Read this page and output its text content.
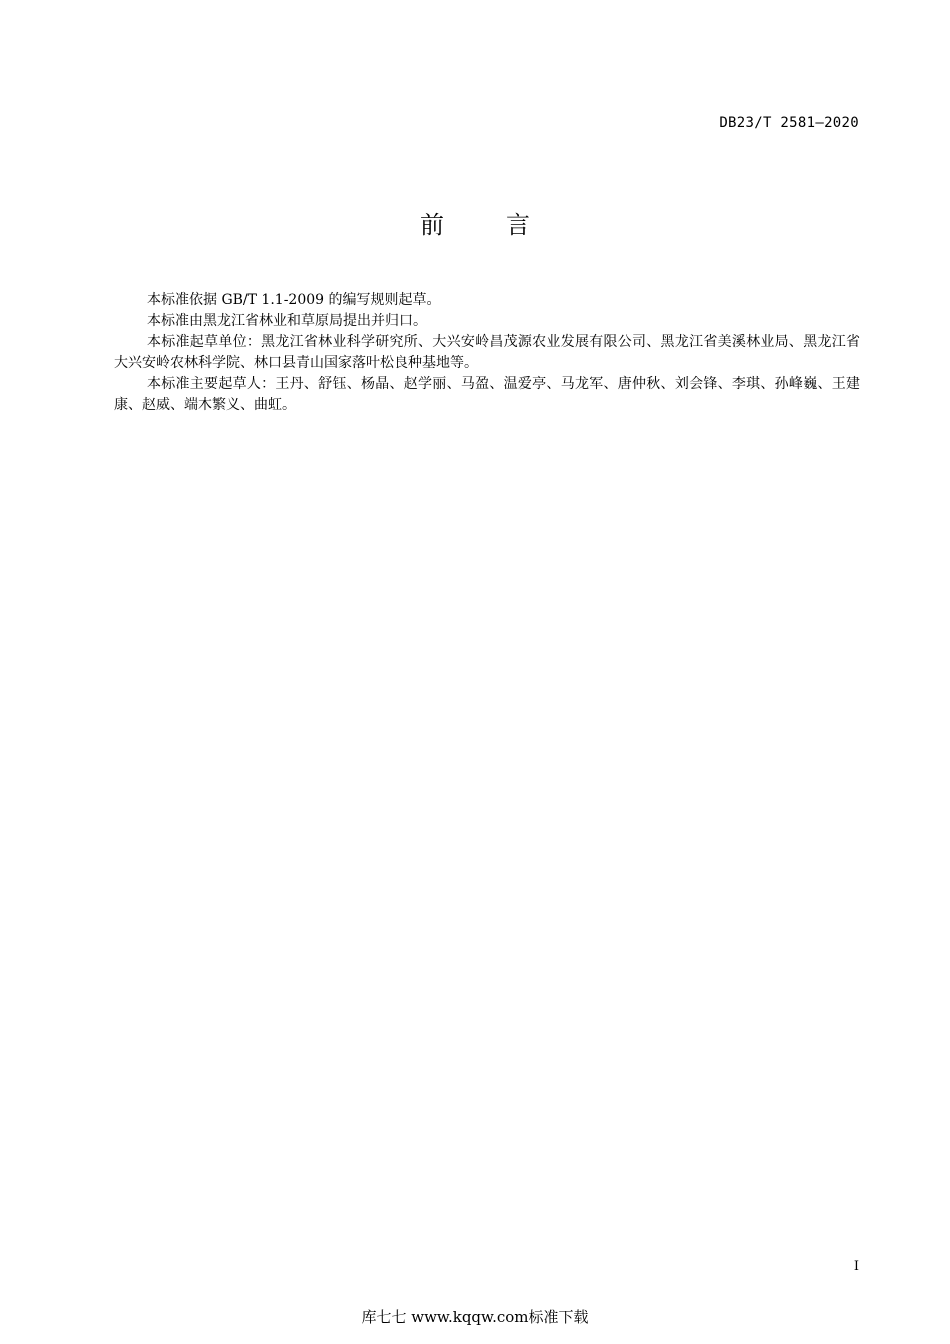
DB23/T 2581—2020
前	言

本标准依据 GB/T 1.1-2009 的编写规则起草。

本标准由黑龙江省林业和草原局提出并归口。

本标准起草单位：黑龙江省林业科学研究所、大兴安岭昌茂源农业发展有限公司、黑龙江省美溪林业局、黑龙江省大兴安岭农林科学院、林口县青山国家落叶松良种基地等。

本标准主要起草人：王丹、舒钰、杨晶、赵学丽、马盈、温爱亭、马龙军、唐仲秋、刘会锋、李琪、孙峰巍、王建康、赵威、端木繁义、曲虹。

I
库七七 www.kqqw.com标准下载
